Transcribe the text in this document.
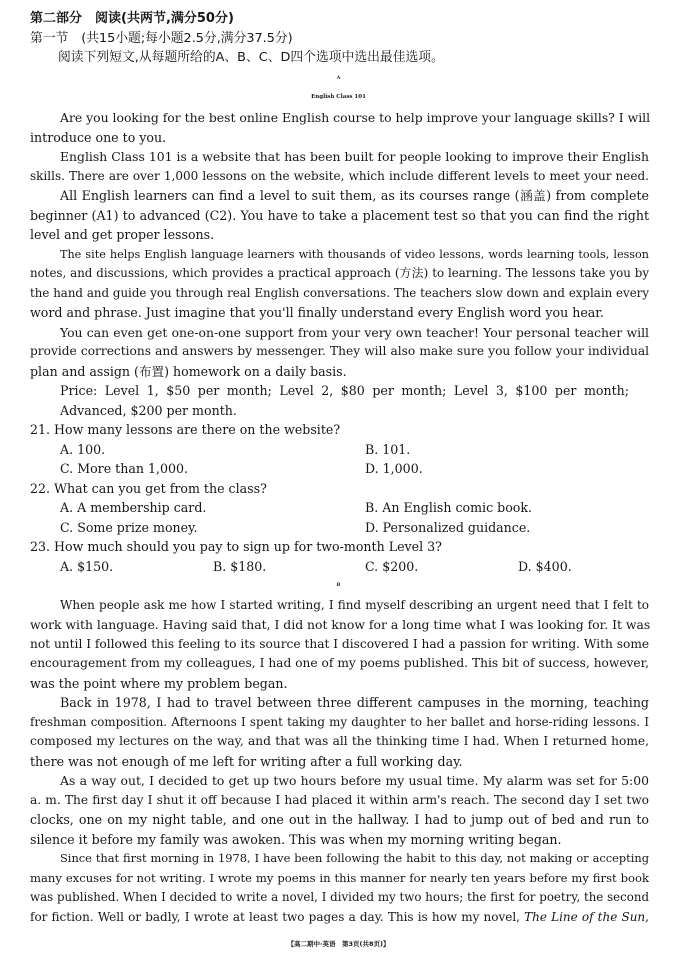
第二部分　阅读(共两节,满分50分)
第一节　(共15小题;每小题2.5分,满分37.5分)
阅读下列短文,从每题所给的A、B、C、D四个选项中选出最佳选项。
A
English Class 101
Are you looking for the best online English course to help improve your language skills? I will
introduce one to you.
English Class 101 is a website that has been built for people looking to improve their English
skills. There are over 1,000 lessons on the website, which include different levels to meet your need.
All English learners can find a level to suit them, as its courses range (涵盖) from complete
beginner (A1) to advanced (C2). You have to take a placement test so that you can find the right
level and get proper lessons.
The site helps English language learners with thousands of video lessons, words learning tools, lesson
notes, and discussions, which provides a practical approach (方法) to learning. The lessons take you by
the hand and guide you through real English conversations. The teachers slow down and explain every
word and phrase. Just imagine that you'll finally understand every English word you hear.
You can even get one-on-one support from your very own teacher! Your personal teacher will
provide corrections and answers by messenger. They will also make sure you follow your individual
plan and assign (布置) homework on a daily basis.
Price: Level 1, $50 per month; Level 2, $80 per month; Level 3, $100 per month;
Advanced, $200 per month.
21. How many lessons are there on the website?
A. 100.	B. 101.
C. More than 1,000.	D. 1,000.
22. What can you get from the class?
A. A membership card.	B. An English comic book.
C. Some prize money.	D. Personalized guidance.
23. How much should you pay to sign up for two-month Level 3?
A. $150.	B. $180.	C. $200.	D. $400.
B
When people ask me how I started writing, I find myself describing an urgent need that I felt to
work with language. Having said that, I did not know for a long time what I was looking for. It was
not until I followed this feeling to its source that I discovered I had a passion for writing. With some
encouragement from my colleagues, I had one of my poems published. This bit of success, however,
was the point where my problem began.
Back in 1978, I had to travel between three different campuses in the morning, teaching
freshman composition. Afternoons I spent taking my daughter to her ballet and horse-riding lessons. I
composed my lectures on the way, and that was all the thinking time I had. When I returned home,
there was not enough of me left for writing after a full working day.
As a way out, I decided to get up two hours before my usual time. My alarm was set for 5:00
a. m. The first day I shut it off because I had placed it within arm's reach. The second day I set two
clocks, one on my night table, and one out in the hallway. I had to jump out of bed and run to
silence it before my family was awoken. This was when my morning writing began.
Since that first morning in 1978, I have been following the habit to this day, not making or accepting
many excuses for not writing. I wrote my poems in this manner for nearly ten years before my first book
was published. When I decided to write a novel, I divided my two hours; the first for poetry, the second
for fiction. Well or badly, I wrote at least two pages a day. This is how my novel, The Line of the Sun,
【高二期中·英语　第3页(共8页)】
